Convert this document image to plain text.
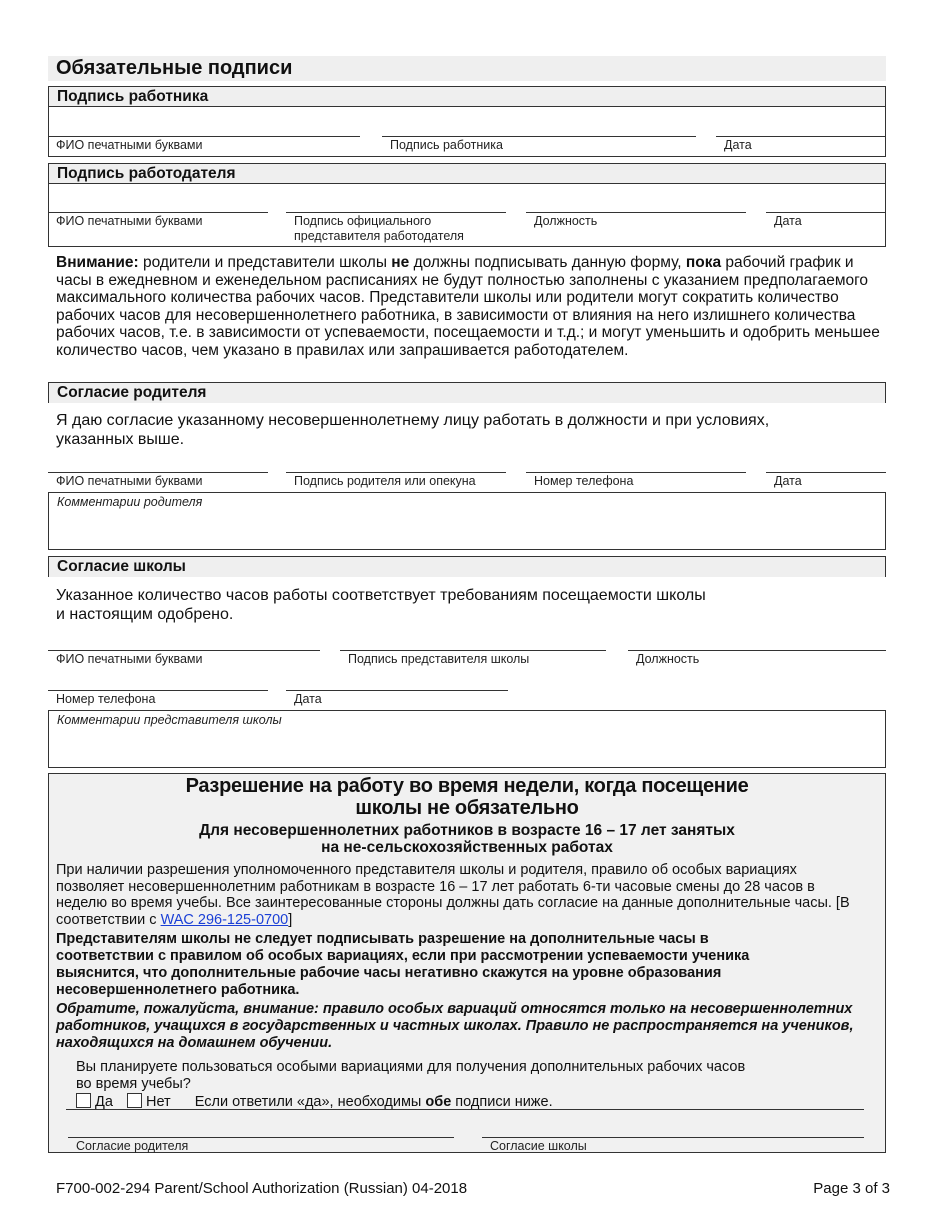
Обязательные подписи
Подпись работника
ФИО печатными буквами	Подпись работника	Дата
Подпись работодателя
ФИО печатными буквами	Подпись официального
представителя работодателя
Должность	Дата
Внимание: родители и представители школы не должны подписывать данную форму, пока рабочий график и часы в ежедневном и еженедельном расписаниях не будут полностью заполнены с указанием предполагаемого максимального количества рабочих часов. Представители школы или родители могут сократить количество рабочих часов для несовершеннолетнего работника, в зависимости от влияния на него излишнего количества рабочих часов, т.е. в зависимости от успеваемости, посещаемости и т.д.; и могут уменьшить и одобрить меньшее количество часов, чем указано в правилах или запрашивается работодателем.
Согласие родителя
Я даю согласие указанному несовершеннолетнему лицу работать в должности и при условиях,
указанных выше.
ФИО печатными буквами	Подпись родителя или опекуна	Номер телефона	Дата
Комментарии родителя
Согласие школы
Указанное количество часов работы соответствует требованиям посещаемости школы
и настоящим одобрено.
ФИО печатными буквами	Подпись представителя школы	Должность
Номер телефона	Дата
Комментарии представителя школы
Разрешение на работу во время недели, когда посещение
школы не обязательно
Для несовершеннолетних работников в возрасте 16 – 17 лет занятых
на не-сельскохозяйственных работах
При наличии разрешения уполномоченного представителя школы и родителя, правило об особых вариациях позволяет несовершеннолетним работникам в возрасте 16 – 17 лет работать 6-ти часовые смены до 28 часов в неделю во время учебы. Все заинтересованные стороны должны дать согласие на данные дополнительные часы. [В соответствии с WAC 296-125-0700]
Представителям школы не следует подписывать разрешение на дополнительные часы в соответствии с правилом об особых вариациях, если при рассмотрении успеваемости ученика выяснится, что дополнительные рабочие часы негативно скажутся на уровне образования несовершеннолетнего работника.
Обратите, пожалуйста, внимание: правило особых вариаций относятся только на несовершеннолетних работников, учащихся в государственных и частных школах. Правило не распространяется на учеников, находящихся на домашнем обучении.
Вы планируете пользоваться особыми вариациями для получения дополнительных рабочих часов
во время учебы?
Да Нет Если ответили «да», необходимы обе подписи ниже.
Согласие родителя	Согласие школы
F700-002-294 Parent/School Authorization (Russian) 04-2018	Page 3 of 3
